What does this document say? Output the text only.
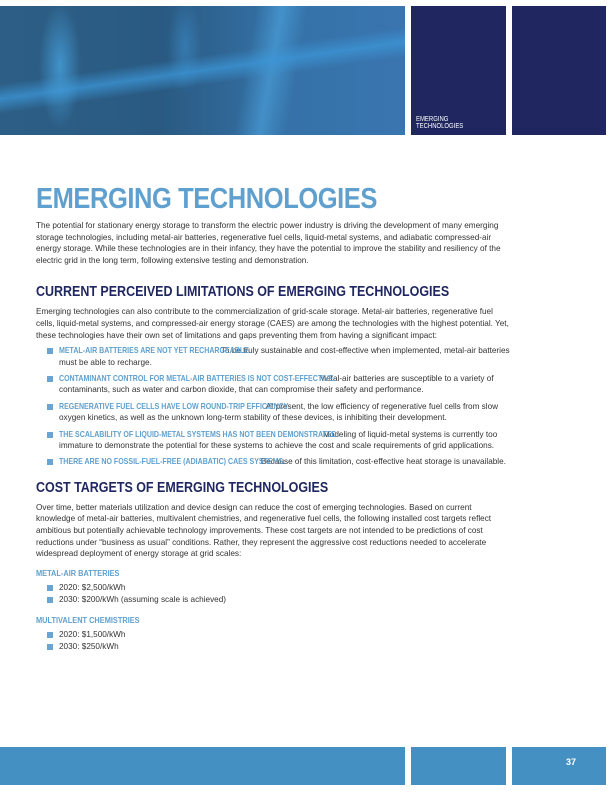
EMERGING
TECHNOLOGIES
EMERGING TECHNOLOGIES

The potential for stationary energy storage to transform the electric power industry is driving the development of many emerging storage technologies, including metal-air batteries, regenerative fuel cells, liquid-metal systems, and adiabatic compressed-air energy storage. While these technologies are in their infancy, they have the potential to improve the stability and resiliency of the electric grid in the long term, following extensive testing and demonstration.

CURRENT PERCEIVED LIMITATIONS OF EMERGING TECHNOLOGIES

Emerging technologies can also contribute to the commercialization of grid-scale storage. Metal-air batteries, regenerative fuel cells, liquid-metal systems, and compressed-air energy storage (CAES) are among the technologies with the highest potential. Yet, these technologies have their own set of limitations and gaps preventing them from having a significant impact:

METAL-AIR BATTERIES ARE NOT YET RECHARGEABLE. To be truly sustainable and cost-effective when implemented, metal-air batteries must be able to recharge.
CONTAMINANT CONTROL FOR METAL-AIR BATTERIES IS NOT COST-EFFECTIVE. Metal-air batteries are susceptible to a variety of contaminants, such as water and carbon dioxide, that can compromise their safety and performance.
REGENERATIVE FUEL CELLS HAVE LOW ROUND-TRIP EFFICIENCY. At present, the low efficiency of regenerative fuel cells from slow oxygen kinetics, as well as the unknown long-term stability of these devices, is inhibiting their development.
THE SCALABILITY OF LIQUID-METAL SYSTEMS HAS NOT BEEN DEMONSTRATED. Modeling of liquid-metal systems is currently too immature to demonstrate the potential for these systems to achieve the cost and scale requirements of grid applications.
THERE ARE NO FOSSIL-FUEL-FREE (ADIABATIC) CAES SYSTEMS. Because of this limitation, cost-effective heat storage is unavailable.
COST TARGETS OF EMERGING TECHNOLOGIES

Over time, better materials utilization and device design can reduce the cost of emerging technologies. Based on current knowledge of metal-air batteries, multivalent chemistries, and regenerative fuel cells, the following installed cost targets reflect ambitious but potentially achievable technology improvements. These cost targets are not intended to be predictions of cost reductions under “business as usual” conditions. Rather, they represent the aggressive cost reductions needed to accelerate widespread deployment of energy storage at grid scales:

METAL-AIR BATTERIES
2020: $2,500/kWh
2030: $200/kWh (assuming scale is achieved)
MULTIVALENT CHEMISTRIES
2020: $1,500/kWh
2030: $250/kWh
37
